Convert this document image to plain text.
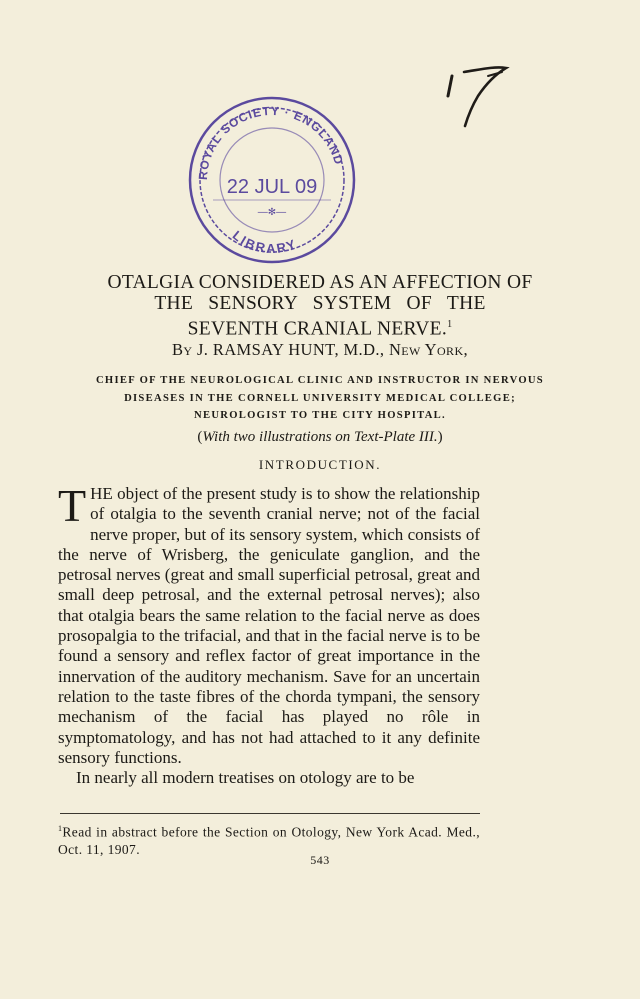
ROYAL SOCIETY · ENGLAND
22 JUL 09
—✻—
LIBRARY
OTALGIA CONSIDERED AS AN AFFECTION OF
THE SENSORY SYSTEM OF THE
SEVENTH CRANIAL NERVE.$^1$
By J. RAMSAY HUNT, M.D., New York,
CHIEF OF THE NEUROLOGICAL CLINIC AND INSTRUCTOR IN NERVOUS
DISEASES IN THE CORNELL UNIVERSITY MEDICAL COLLEGE;
NEUROLOGIST TO THE CITY HOSPITAL.
(With two illustrations on Text-Plate III.)
INTRODUCTION.

THE object of the present study is to show the relationship of otalgia to the seventh cranial nerve; not of the facial nerve proper, but of its sensory system, which consists of the nerve of Wrisberg, the geniculate ganglion, and the petrosal nerves (great and small superficial petrosal, great and small deep petrosal, and the external petrosal nerves); also that otalgia bears the same relation to the facial nerve as does prosopalgia to the trifacial, and that in the facial nerve is to be found a sensory and reflex factor of great importance in the innervation of the auditory mechanism. Save for an uncertain relation to the taste fibres of the chorda tympani, the sensory mechanism of the facial has played no rôle in symptomatology, and has not had attached to it any definite sensory functions.

In nearly all modern treatises on otology are to be

$^1$Read in abstract before the Section on Otology, New York Acad. Med., Oct. 11, 1907.
543
